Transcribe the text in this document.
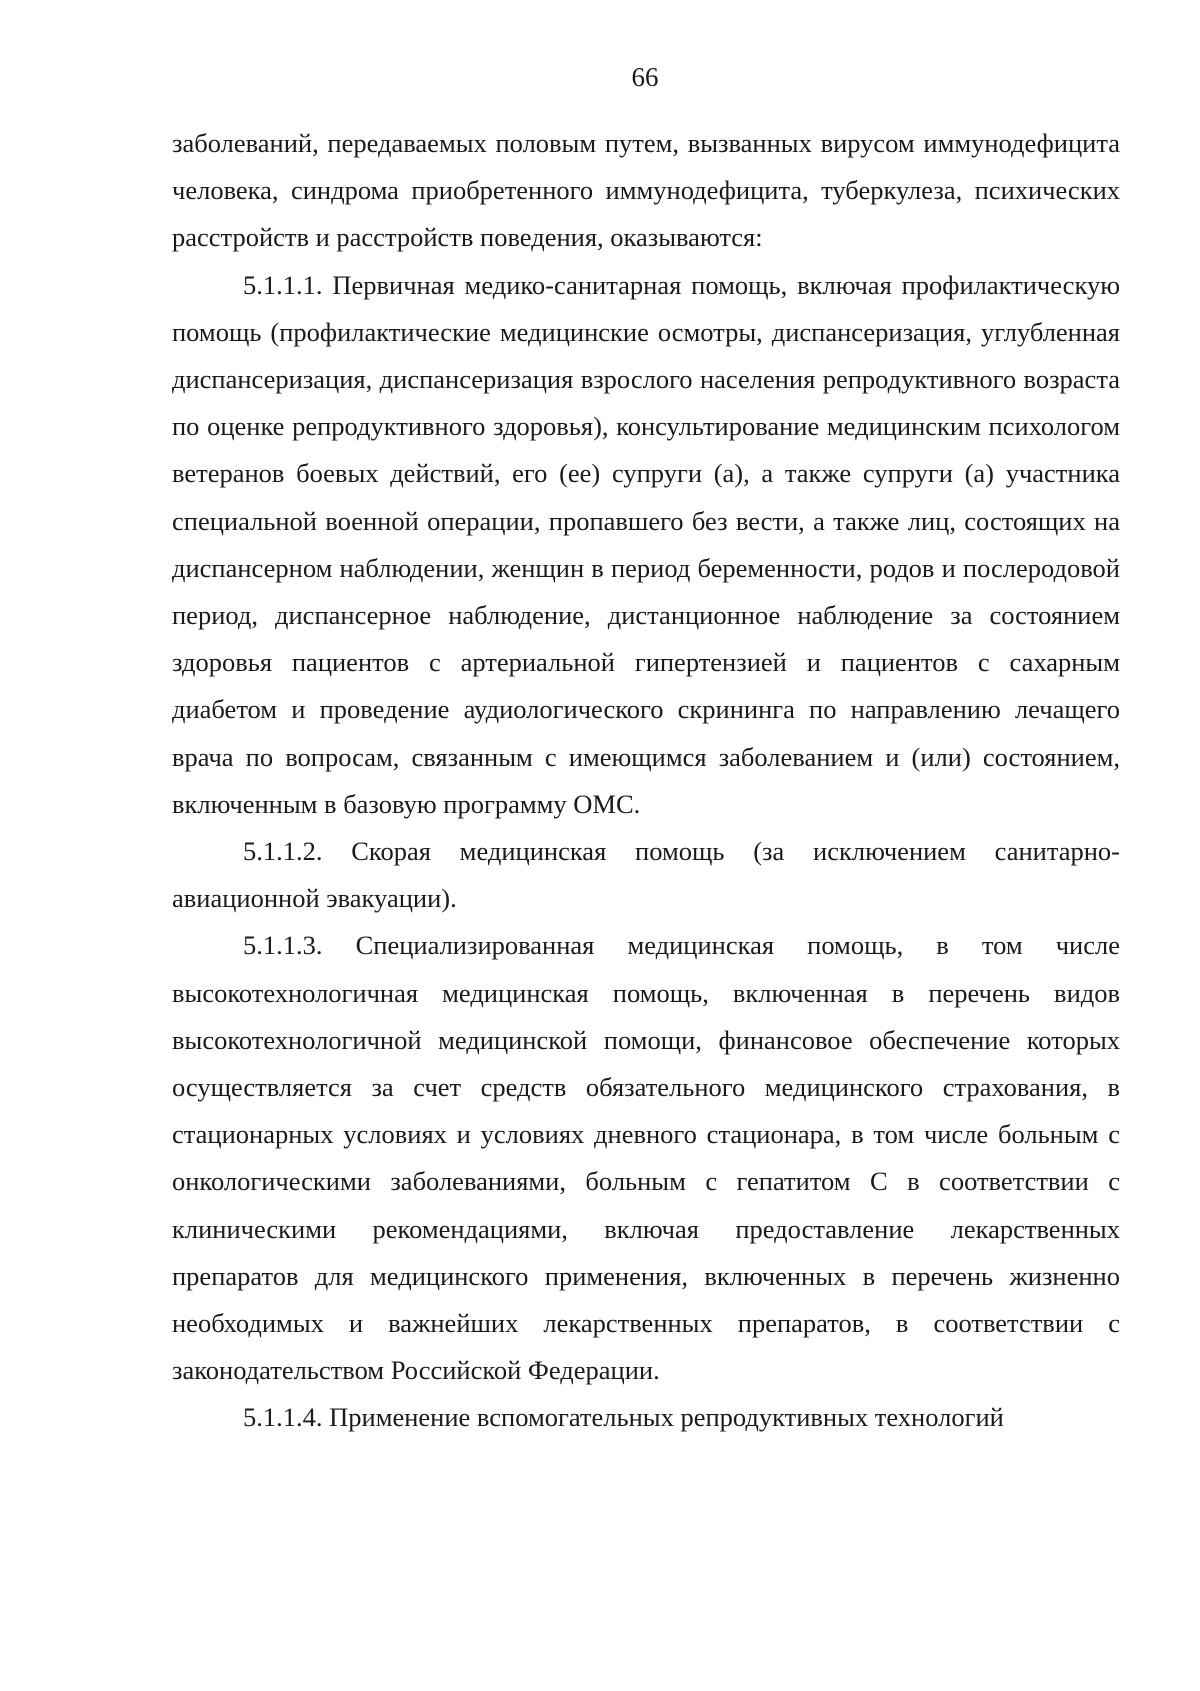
66

заболеваний, передаваемых половым путем, вызванных вирусом иммунодефицита человека, синдрома приобретенного иммунодефицита, туберкулеза, психических расстройств и расстройств поведения, оказываются:

5.1.1.1. Первичная медико-санитарная помощь, включая профилактическую помощь (профилактические медицинские осмотры, диспансеризация, углубленная диспансеризация, диспансеризация взрослого населения репродуктивного возраста по оценке репродуктивного здоровья), консультирование медицинским психологом ветеранов боевых действий, его (ее) супруги (а), а также супруги (а) участника специальной военной операции, пропавшего без вести, а также лиц, состоящих на диспансерном наблюдении, женщин в период беременности, родов и послеродовой период, диспансерное наблюдение, дистанционное наблюдение за состоянием здоровья пациентов с артериальной гипертензией и пациентов с сахарным диабетом и проведение аудиологического скрининга по направлению лечащего врача по вопросам, связанным с имеющимся заболеванием и (или) состоянием, включенным в базовую программу ОМС.

5.1.1.2. Скорая медицинская помощь (за исключением санитарно-авиационной эвакуации).

5.1.1.3. Специализированная медицинская помощь, в том числе высокотехнологичная медицинская помощь, включенная в перечень видов высокотехнологичной медицинской помощи, финансовое обеспечение которых осуществляется за счет средств обязательного медицинского страхования, в стационарных условиях и условиях дневного стационара, в том числе больным с онкологическими заболеваниями, больным с гепатитом С в соответствии с клиническими рекомендациями, включая предоставление лекарственных препаратов для медицинского применения, включенных в перечень жизненно необходимых и важнейших лекарственных препаратов, в соответствии с законодательством Российской Федерации.

5.1.1.4. Применение вспомогательных репродуктивных технологий
